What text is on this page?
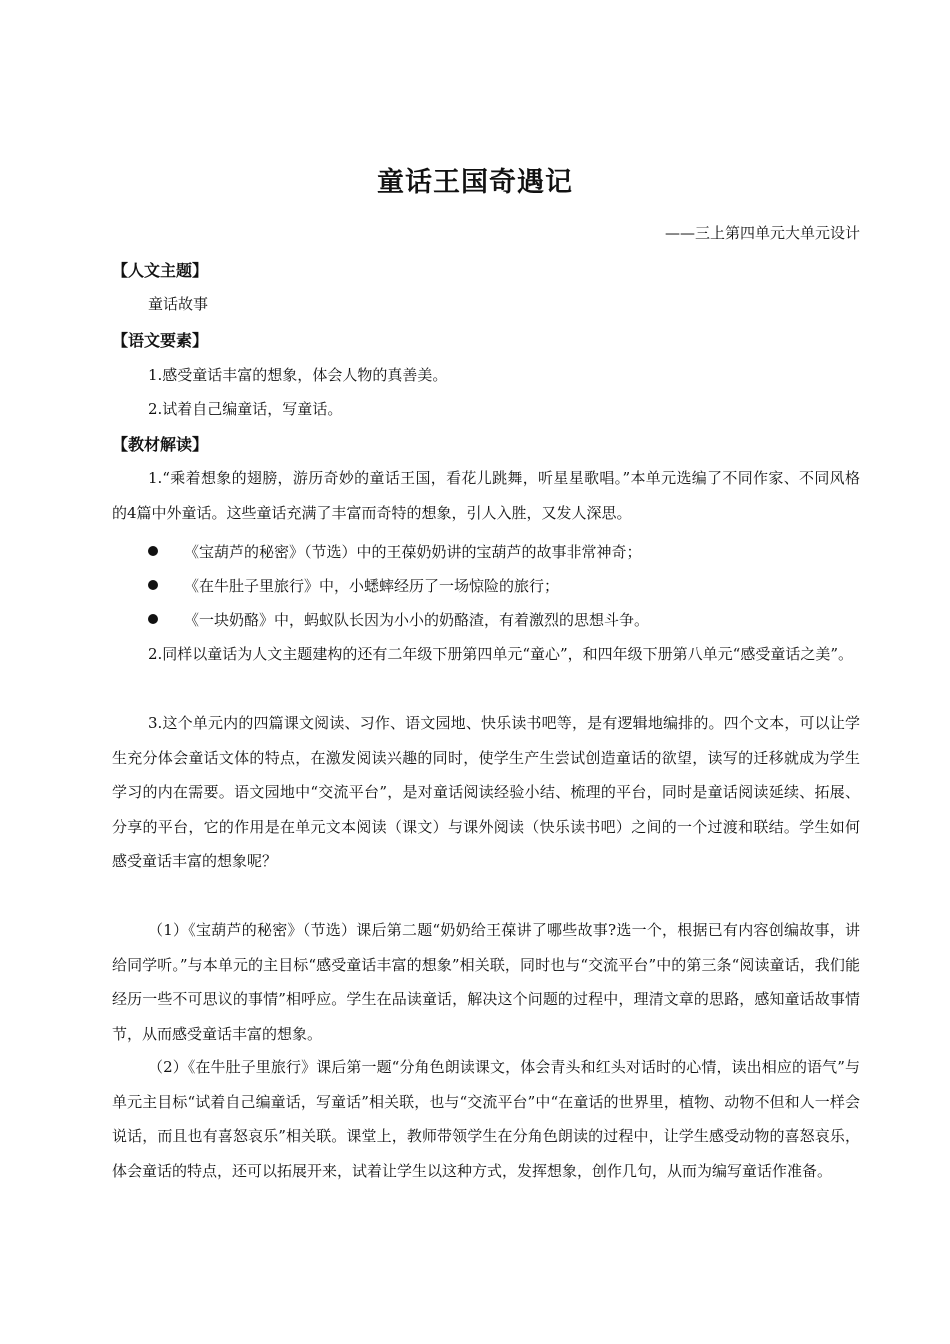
童话王国奇遇记

——三上第四单元大单元设计

【人文主题】

童话故事

【语文要素】

1.感受童话丰富的想象，体会人物的真善美。

2.试着自己编童话，写童话。

【教材解读】

1.“乘着想象的翅膀，游历奇妙的童话王国，看花儿跳舞，听星星歌唱。”本单元选编了不同作家、不同风格的4篇中外童话。这些童话充满了丰富而奇特的想象，引人入胜，又发人深思。

《宝葫芦的秘密》（节选）中的王葆奶奶讲的宝葫芦的故事非常神奇；

《在牛肚子里旅行》中，小蟋蟀经历了一场惊险的旅行；

《一块奶酪》中，蚂蚁队长因为小小的奶酪渣，有着激烈的思想斗争。

2.同样以童话为人文主题建构的还有二年级下册第四单元“童心”，和四年级下册第八单元“感受童话之美”。

3.这个单元内的四篇课文阅读、习作、语文园地、快乐读书吧等，是有逻辑地编排的。四个文本，可以让学生充分体会童话文体的特点，在激发阅读兴趣的同时，使学生产生尝试创造童话的欲望，读写的迁移就成为学生学习的内在需要。语文园地中“交流平台”，是对童话阅读经验小结、梳理的平台，同时是童话阅读延续、拓展、分享的平台，它的作用是在单元文本阅读（课文）与课外阅读（快乐读书吧）之间的一个过渡和联结。学生如何感受童话丰富的想象呢？

（1）《宝葫芦的秘密》（节选）课后第二题“奶奶给王葆讲了哪些故事?选一个，根据已有内容创编故事，讲给同学听。”与本单元的主目标“感受童话丰富的想象”相关联，同时也与“交流平台”中的第三条“阅读童话，我们能经历一些不可思议的事情”相呼应。学生在品读童话，解决这个问题的过程中，理清文章的思路，感知童话故事情节，从而感受童话丰富的想象。

（2）《在牛肚子里旅行》课后第一题“分角色朗读课文，体会青头和红头对话时的心情，读出相应的语气”与单元主目标“试着自己编童话，写童话”相关联，也与“交流平台”中“在童话的世界里，植物、动物不但和人一样会说话，而且也有喜怒哀乐”相关联。课堂上，教师带领学生在分角色朗读的过程中，让学生感受动物的喜怒哀乐，体会童话的特点，还可以拓展开来，试着让学生以这种方式，发挥想象，创作几句，从而为编写童话作准备。
